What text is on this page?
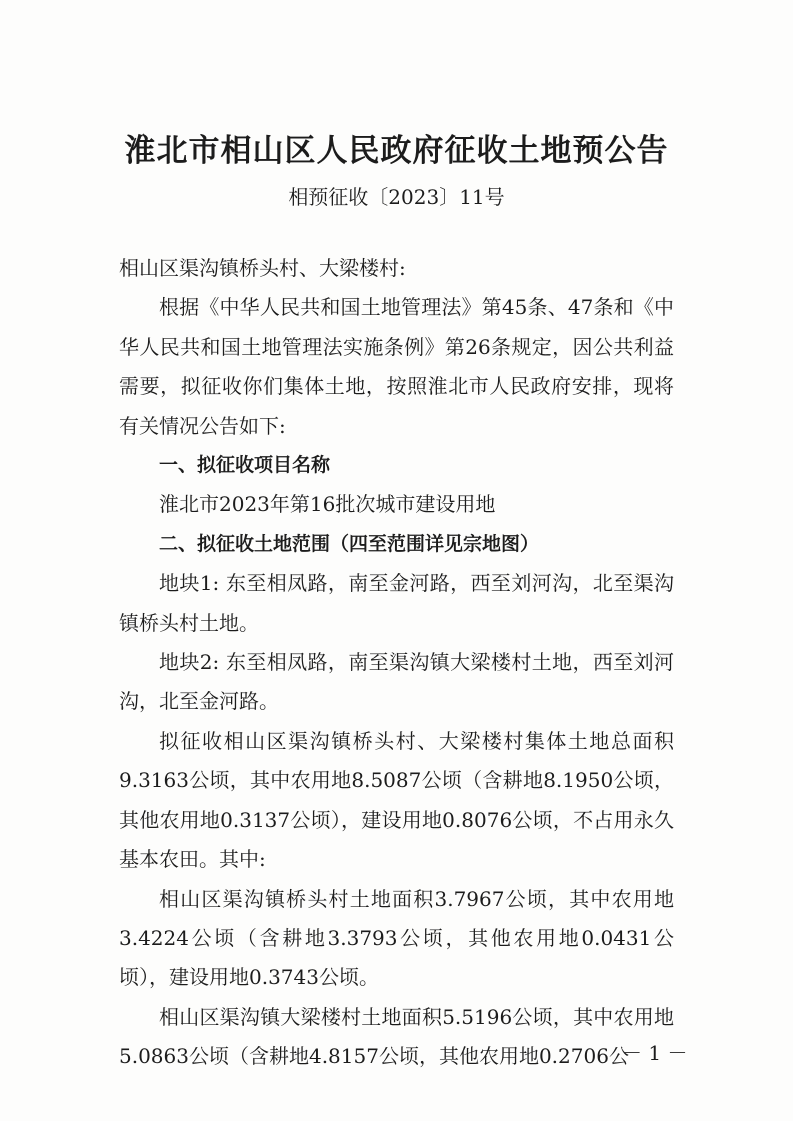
淮北市相山区人民政府征收土地预公告
相预征收〔2023〕11号

相山区渠沟镇桥头村、大梁楼村:

根据《中华人民共和国土地管理法》第45条、47条和《中华人民共和国土地管理法实施条例》第26条规定，因公共利益需要，拟征收你们集体土地，按照淮北市人民政府安排，现将有关情况公告如下:

一、拟征收项目名称

淮北市2023年第16批次城市建设用地

二、拟征收土地范围（四至范围详见宗地图）

地块1: 东至相凤路，南至金河路，西至刘河沟，北至渠沟镇桥头村土地。

地块2: 东至相凤路，南至渠沟镇大梁楼村土地，西至刘河沟，北至金河路。

拟征收相山区渠沟镇桥头村、大梁楼村集体土地总面积9.3163公顷，其中农用地8.5087公顷（含耕地8.1950公顷，其他农用地0.3137公顷），建设用地0.8076公顷，不占用永久基本农田。其中:

相山区渠沟镇桥头村土地面积3.7967公顷，其中农用地3.4224公顷（含耕地3.3793公顷，其他农用地0.0431公顷），建设用地0.3743公顷。

相山区渠沟镇大梁楼村土地面积5.5196公顷，其中农用地5.0863公顷（含耕地4.8157公顷，其他农用地0.2706公

－ 1 －
